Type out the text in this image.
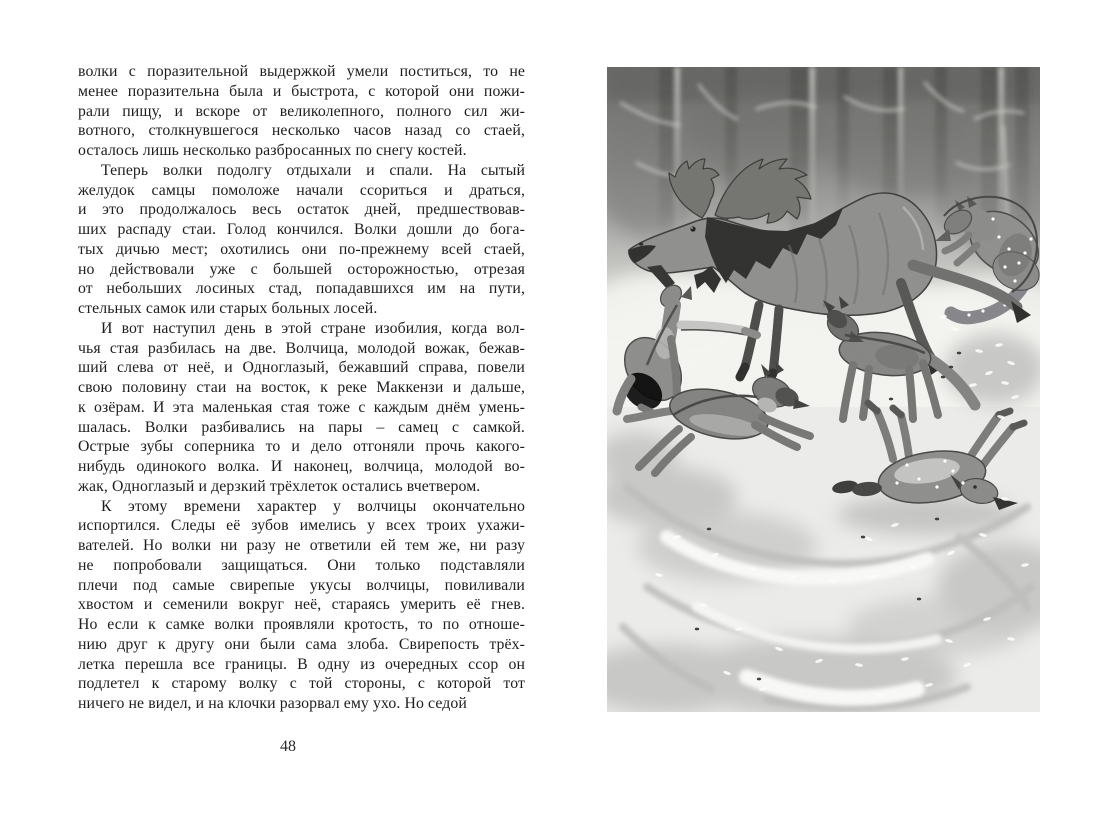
волки с поразительной выдержкой умели поститься, то не
менее поразительна была и быстрота, с которой они пожи-
рали пищу, и вскоре от великолепного, полного сил жи-
вотного, столкнувшегося несколько часов назад со стаей,
осталось лишь несколько разбросанных по снегу костей.

Теперь волки подолгу отдыхали и спали. На сытый
желудок самцы помоложе начали ссориться и драться,
и это продолжалось весь остаток дней, предшествовав-
ших распаду стаи. Голод кончился. Волки дошли до бога-
тых дичью мест; охотились они по-прежнему всей стаей,
но действовали уже с большей осторожностью, отрезая
от небольших лосиных стад, попадавшихся им на пути,
стельных самок или старых больных лосей.

И вот наступил день в этой стране изобилия, когда вол-
чья стая разбилась на две. Волчица, молодой вожак, бежав-
ший слева от неё, и Одноглазый, бежавший справа, повели
свою половину стаи на восток, к реке Маккензи и дальше,
к озёрам. И эта маленькая стая тоже с каждым днём умень-
шалась. Волки разбивались на пары – самец с самкой.
Острые зубы соперника то и дело отгоняли прочь какого-
нибудь одинокого волка. И наконец, волчица, молодой во-
жак, Одноглазый и дерзкий трёхлеток остались вчетвером.

К этому времени характер у волчицы окончательно
испортился. Следы её зубов имелись у всех троих ухажи-
вателей. Но волки ни разу не ответили ей тем же, ни разу
не попробовали защищаться. Они только подставляли
плечи под самые свирепые укусы волчицы, повиливали
хвостом и семенили вокруг неё, стараясь умерить её гнев.
Но если к самке волки проявляли кротость, то по отноше-
нию друг к другу они были сама злоба. Свирепость трёх-
летка перешла все границы. В одну из очередных ссор он
подлетел к старому волку с той стороны, с которой тот
ничего не видел, и на клочки разорвал ему ухо. Но седой

48
